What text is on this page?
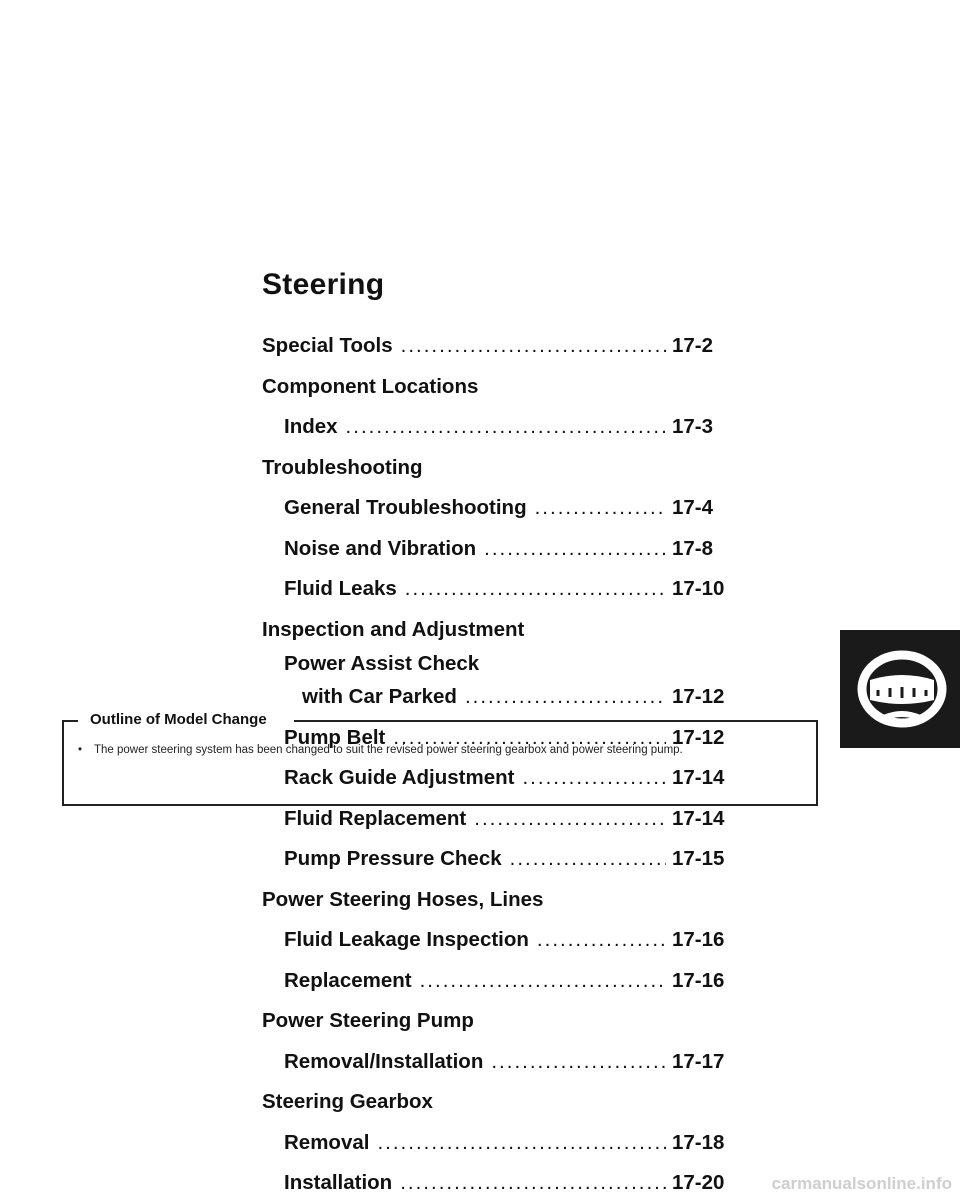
Steering
Special Tools .....	17-2
Component Locations
Index .....	17-3
Troubleshooting
General Troubleshooting .....	17-4
Noise and Vibration .....	17-8
Fluid Leaks .....	17-10
Inspection and Adjustment
Power Assist Check
with Car Parked .....	17-12
Pump Belt .....	17-12
Rack Guide Adjustment .....	17-14
Fluid Replacement .....	17-14
Pump Pressure Check .....	17-15
Power Steering Hoses, Lines
Fluid Leakage Inspection .....	17-16
Replacement .....	17-16
Power Steering Pump
Removal/Installation .....	17-17
Steering Gearbox
Removal .....	17-18
Installation .....	17-20
Outline of Model Change
• The power steering system has been changed to suit the revised power steering gearbox and power steering pump.
carmanualsonline.info
